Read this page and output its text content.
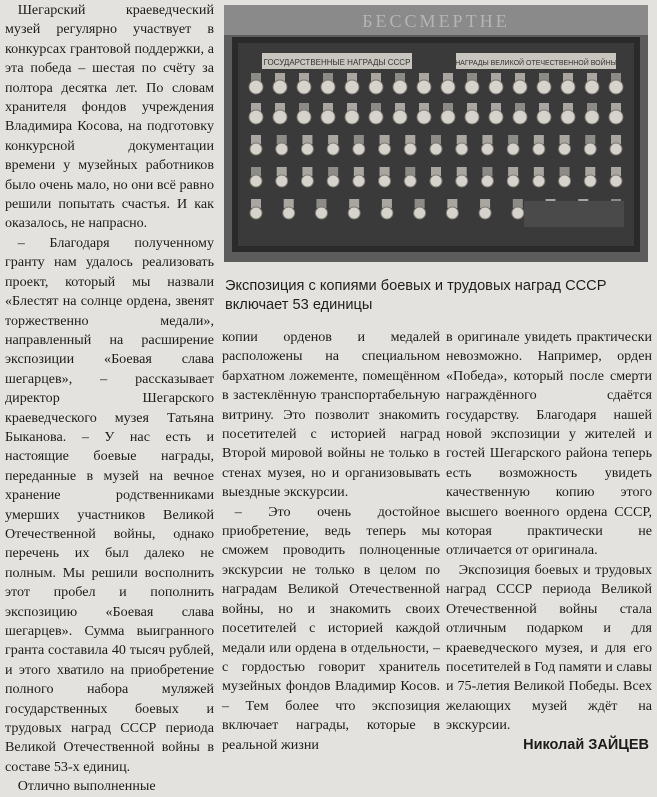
Шегарский краеведческий музей регулярно участвует в конкурсах грантовой поддержки, а эта победа – шестая по счёту за полтора десятка лет. По словам хранителя фондов учреждения Владимира Косова, на подготовку конкурсной документации времени у музейных работников было очень мало, но они всё равно решили попытать счастья. И как оказалось, не напрасно.

– Благодаря полученному гранту нам удалось реализовать проект, который мы назвали «Блестят на солнце ордена, звенят торжественно медали», направленный на расширение экспозиции «Боевая слава шегарцев», – рассказывает директор Шегарского краеведческого музея Татьяна Быканова. – У нас есть и настоящие боевые награды, переданные в музей на вечное хранение родственниками умерших участников Великой Отечественной войны, однако перечень их был далеко не полным. Мы решили восполнить этот пробел и пополнить экспозицию «Боевая слава шегарцев». Сумма выигранного гранта составила 40 тысяч рублей, и этого хватило на приобретение полного набора муляжей государственных боевых и трудовых наград СССР периода Великой Отечественной войны в составе 53-х единиц.

Отлично выполненные

БЕССМЕРТНЕ
ГОСУДАРСТВЕННЫЕ НАГРАДЫ СССР	НАГРАДЫ ВЕЛИКОЙ ОТЕЧЕСТВЕННОЙ ВОЙНЫ
Экспозиция с копиями боевых и трудовых наград СССР включает 53 единицы

копии орденов и медалей расположены на специальном бархатном ложементе, помещённом в застеклённую транспортабельную витрину. Это позволит знакомить посетителей с историей наград Второй мировой войны не только в стенах музея, но и организовывать выездные экскурсии.

– Это очень достойное приобретение, ведь теперь мы сможем проводить полноценные экскурсии не только в целом по наградам Великой Отечественной войны, но и знакомить своих посетителей с историей каждой медали или ордена в отдельности, – с гордостью говорит хранитель музейных фондов Владимир Косов. – Тем более что экспозиция включает награды, которые в реальной жизни

в оригинале увидеть практически невозможно. Например, орден «Победа», который после смерти награждённого сдаётся государству. Благодаря нашей новой экспозиции у жителей и гостей Шегарского района теперь есть возможность увидеть качественную копию этого высшего военного ордена СССР, которая практически не отличается от оригинала.

Экспозиция боевых и трудовых наград СССР периода Великой Отечественной войны стала отличным подарком и для краеведческого музея, и для его посетителей в Год памяти и славы и 75-летия Великой Победы. Всех желающих музей ждёт на экскурсии.

Николай ЗАЙЦЕВ
